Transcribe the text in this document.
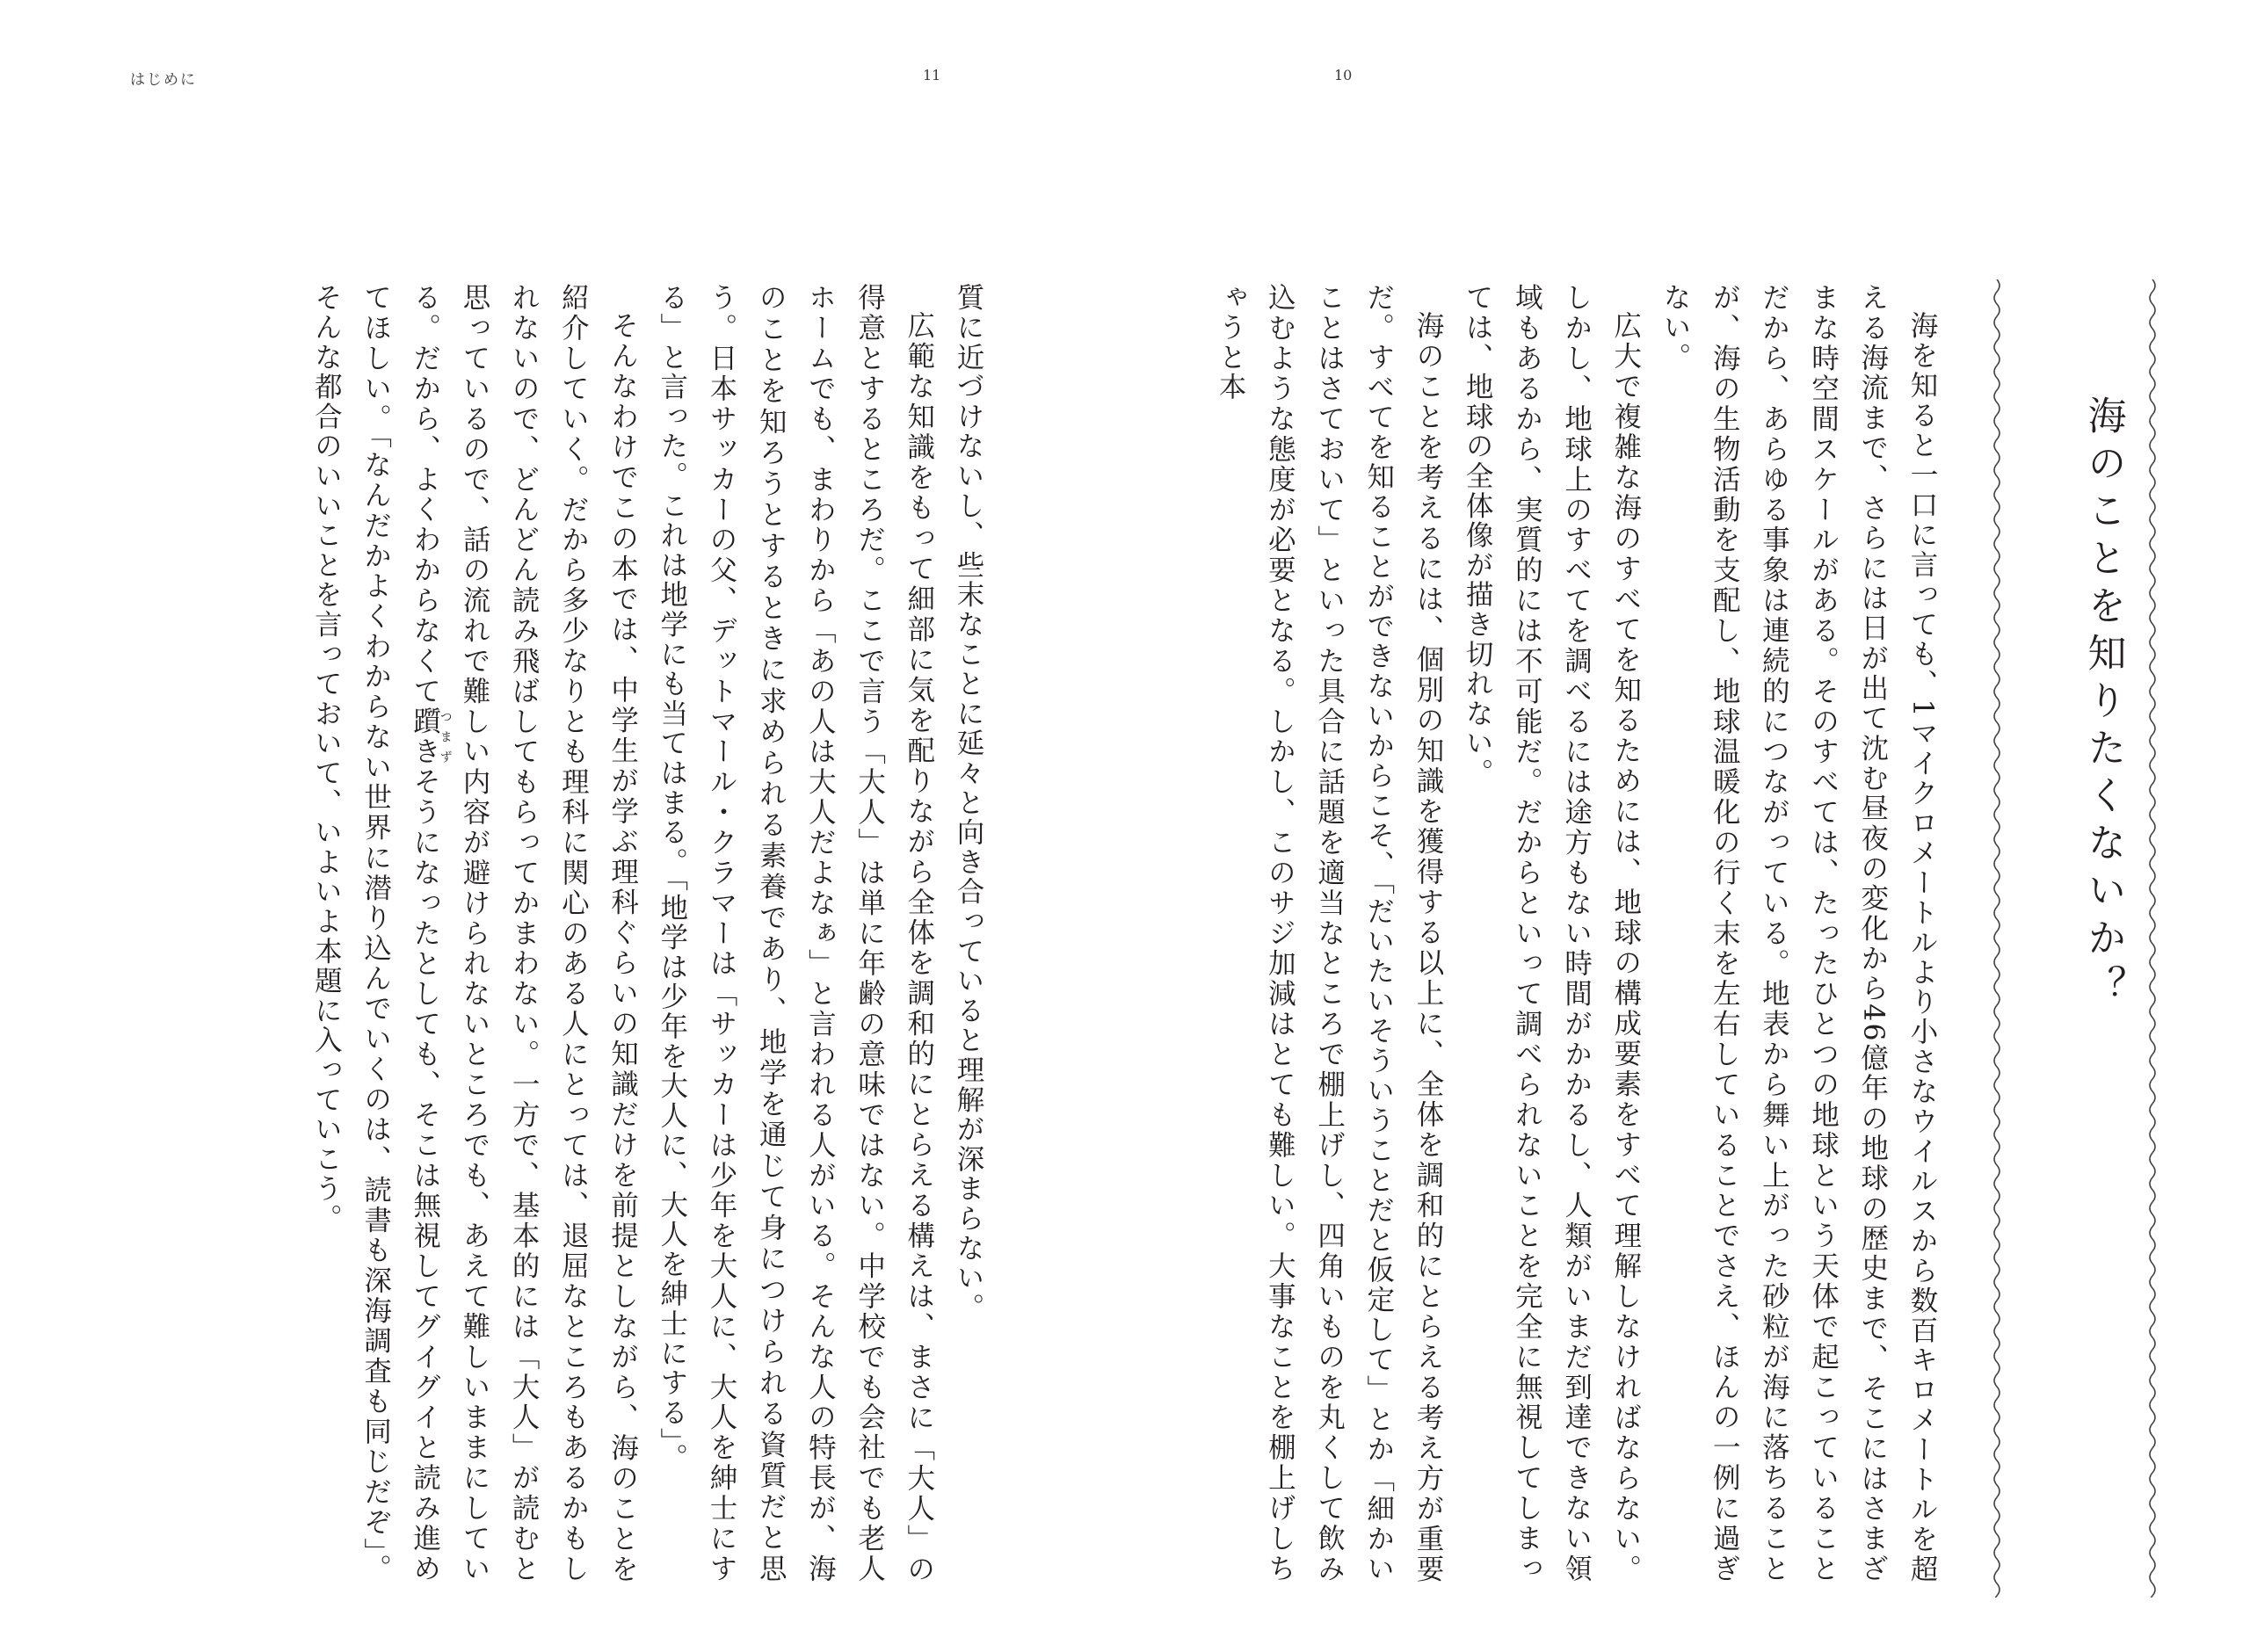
はじめに	11

質に近づけないし、些末なことに延々と向き合っていると理解が深まらない。

広範な知識をもって細部に気を配りながら全体を調和的にとらえる構えは、まさに「大人」の得意とするところだ。ここで言う「大人」は単に年齢の意味ではない。中学校でも会社でも老人ホームでも、まわりから「あの人は大人だよなぁ」と言われる人がいる。そんな人の特長が、海のことを知ろうとするときに求められる素養であり、地学を通じて身につけられる資質だと思う。日本サッカーの父、デットマール・クラマーは「サッカーは少年を大人に、大人を紳士にする」と言った。これは地学にも当てはまる。「地学は少年を大人に、大人を紳士にする」。

そんなわけでこの本では、中学生が学ぶ理科ぐらいの知識だけを前提としながら、海のことを紹介していく。だから多少なりとも理科に関心のある人にとっては、退屈なところもあるかもしれないので、どんどん読み飛ばしてもらってかまわない。一方で、基本的には「大人」が読むと思っているので、話の流れで難しい内容が避けられないところでも、あえて難しいままにしている。だから、よくわからなくて躓きつまずそうになったとしても、そこは無視してグイグイと読み進めてほしい。「なんだかよくわからない世界に潜り込んでいくのは、読書も深海調査も同じだぞ」。そんな都合のいいことを言っておいて、いよいよ本題に入っていこう。

10
海のことを知りたくないか？

海を知ると一口に言っても、1マイクロメートルより小さなウイルスから数百キロメートルを超える海流まで、さらには日が出て沈む昼夜の変化から46億年の地球の歴史まで、そこにはさまざまな時空間スケールがある。そのすべては、たったひとつの地球という天体で起こっていることだから、あらゆる事象は連続的につながっている。地表から舞い上がった砂粒が海に落ちることが、海の生物活動を支配し、地球温暖化の行く末を左右していることでさえ、ほんの一例に過ぎない。

広大で複雑な海のすべてを知るためには、地球の構成要素をすべて理解しなければならない。しかし、地球上のすべてを調べるには途方もない時間がかかるし、人類がいまだ到達できない領域もあるから、実質的には不可能だ。だからといって調べられないことを完全に無視してしまっては、地球の全体像が描き切れない。

海のことを考えるには、個別の知識を獲得する以上に、全体を調和的にとらえる考え方が重要だ。すべてを知ることができないからこそ、「だいたいそういうことだと仮定して」とか「細かいことはさておいて」といった具合に話題を適当なところで棚上げし、四角いものを丸くして飲み込むような態度が必要となる。しかし、このサジ加減はとても難しい。大事なことを棚上げしちゃうと本
